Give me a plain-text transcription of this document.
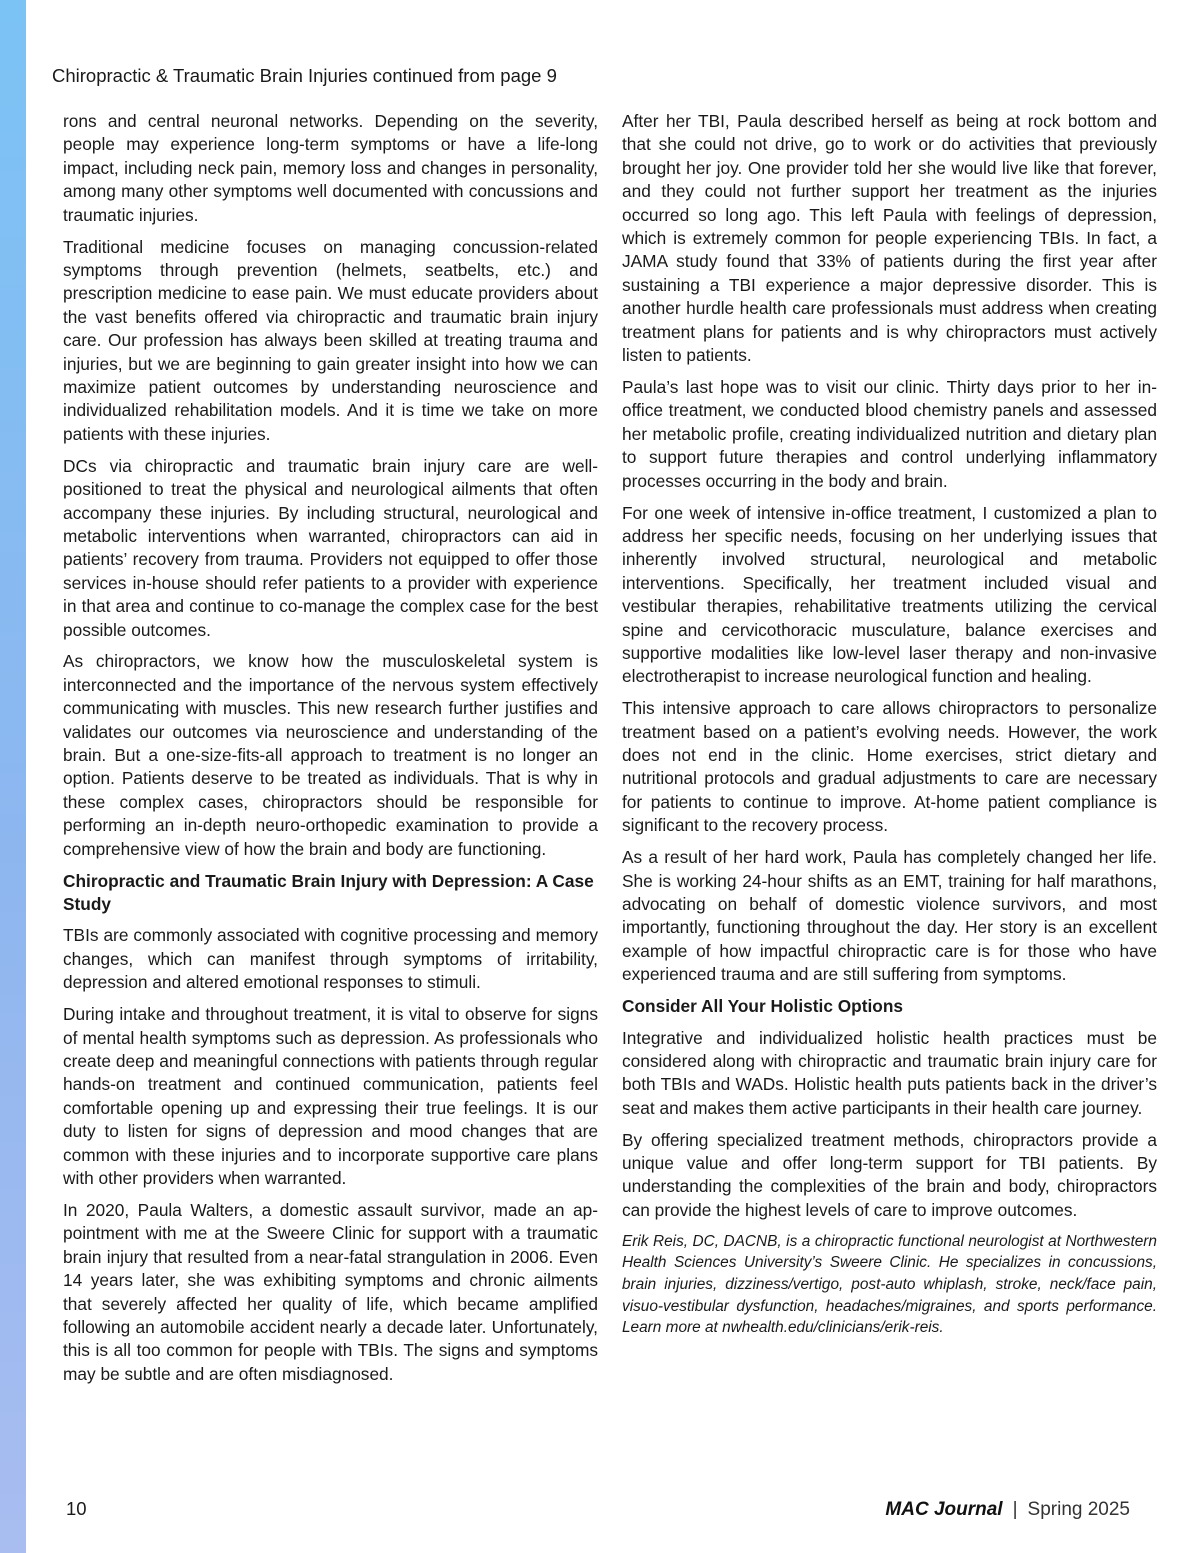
Chiropractic & Traumatic Brain Injuries continued from page 9

rons and central neuronal networks. Depending on the severity, people may experience long-term symptoms or have a life-long impact, including neck pain, memory loss and changes in personality, among many other symptoms well documented with concussions and traumatic injuries.

Traditional medicine focuses on managing concussion-related symptoms through prevention (helmets, seatbelts, etc.) and prescription medicine to ease pain. We must educate providers about the vast benefits offered via chiropractic and traumatic brain injury care. Our profession has always been skilled at treating trauma and injuries, but we are beginning to gain greater insight into how we can maximize patient outcomes by understanding neuroscience and individualized rehabilitation models. And it is time we take on more patients with these injuries.

DCs via chiropractic and traumatic brain injury care are well-positioned to treat the physical and neurological ailments that often accompany these injuries. By including structural, neurological and metabolic interventions when warranted, chiropractors can aid in patients’ recovery from trauma. Providers not equipped to offer those services in-house should refer patients to a provider with experience in that area and continue to co-manage the complex case for the best possible outcomes.

As chiropractors, we know how the musculoskeletal system is interconnected and the importance of the nervous system effectively communicating with muscles. This new research further justifies and validates our outcomes via neuroscience and understanding of the brain. But a one-size-fits-all approach to treatment is no longer an option. Patients deserve to be treated as individuals. That is why in these complex cases, chiropractors should be responsible for performing an in-depth neuro-orthopedic examination to provide a comprehensive view of how the brain and body are functioning.

Chiropractic and Traumatic Brain Injury with Depression: A Case Study

TBIs are commonly associated with cognitive processing and memory changes, which can manifest through symptoms of irritability, depression and altered emotional responses to stimuli.

During intake and throughout treatment, it is vital to observe for signs of mental health symptoms such as depression. As professionals who create deep and meaningful connections with patients through regular hands-on treatment and continued communication, patients feel comfortable opening up and expressing their true feelings. It is our duty to listen for signs of depression and mood changes that are common with these injuries and to incorporate supportive care plans with other providers when warranted.

In 2020, Paula Walters, a domestic assault survivor, made an appointment with me at the Sweere Clinic for support with a traumatic brain injury that resulted from a near-fatal strangulation in 2006. Even 14 years later, she was exhibiting symptoms and chronic ailments that severely affected her quality of life, which became amplified following an automobile accident nearly a decade later. Unfortunately, this is all too common for people with TBIs. The signs and symptoms may be subtle and are often misdiagnosed.

After her TBI, Paula described herself as being at rock bottom and that she could not drive, go to work or do activities that previously brought her joy. One provider told her she would live like that forever, and they could not further support her treatment as the injuries occurred so long ago. This left Paula with feelings of depression, which is extremely common for people experiencing TBIs. In fact, a JAMA study found that 33% of patients during the first year after sustaining a TBI experience a major depressive disorder. This is another hurdle health care professionals must address when creating treatment plans for patients and is why chiropractors must actively listen to patients.

Paula’s last hope was to visit our clinic. Thirty days prior to her in-office treatment, we conducted blood chemistry panels and assessed her metabolic profile, creating individualized nutrition and dietary plan to support future therapies and control underlying inflammatory processes occurring in the body and brain.

For one week of intensive in-office treatment, I customized a plan to address her specific needs, focusing on her underlying issues that inherently involved structural, neurological and metabolic interventions. Specifically, her treatment included visual and vestibular therapies, rehabilitative treatments utilizing the cervical spine and cervicothoracic musculature, balance exercises and supportive modalities like low-level laser therapy and non-invasive electrotherapist to increase neurological function and healing.

This intensive approach to care allows chiropractors to personalize treatment based on a patient’s evolving needs. However, the work does not end in the clinic. Home exercises, strict dietary and nutritional protocols and gradual adjustments to care are necessary for patients to continue to improve. At-home patient compliance is significant to the recovery process.

As a result of her hard work, Paula has completely changed her life. She is working 24-hour shifts as an EMT, training for half marathons, advocating on behalf of domestic violence survivors, and most importantly, functioning throughout the day. Her story is an excellent example of how impactful chiropractic care is for those who have experienced trauma and are still suffering from symptoms.

Consider All Your Holistic Options

Integrative and individualized holistic health practices must be considered along with chiropractic and traumatic brain injury care for both TBIs and WADs. Holistic health puts patients back in the driver’s seat and makes them active participants in their health care journey.

By offering specialized treatment methods, chiropractors provide a unique value and offer long-term support for TBI patients. By understanding the complexities of the brain and body, chiropractors can provide the highest levels of care to improve outcomes.

Erik Reis, DC, DACNB, is a chiropractic functional neurologist at Northwestern Health Sciences University’s Sweere Clinic. He specializes in concussions, brain injuries, dizziness/vertigo, post-auto whiplash, stroke, neck/face pain, visuo-vestibular dysfunction, headaches/migraines, and sports performance. Learn more at nwhealth.edu/clinicians/erik-reis.

10	MAC Journal | Spring 2025
